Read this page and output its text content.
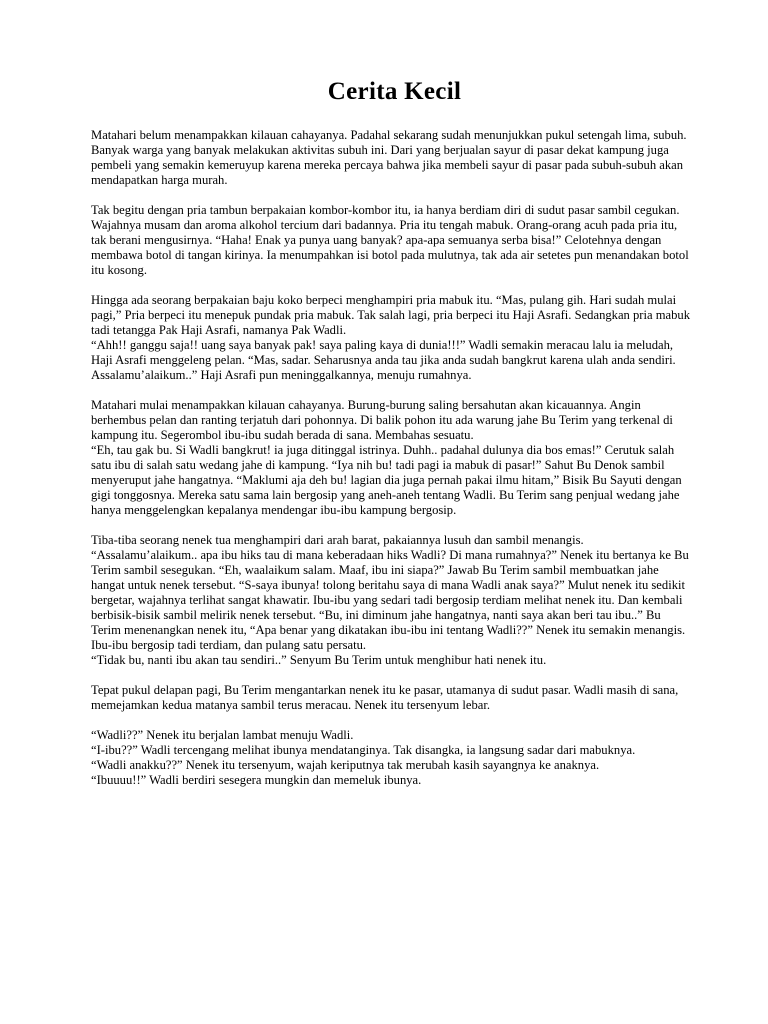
Cerita Kecil
Matahari belum menampakkan kilauan cahayanya. Padahal sekarang sudah menunjukkan pukul setengah lima, subuh. Banyak warga yang banyak melakukan aktivitas subuh ini. Dari yang berjualan sayur di pasar dekat kampung juga pembeli yang semakin kemeruyup karena mereka percaya bahwa jika membeli sayur di pasar pada subuh-subuh akan mendapatkan harga murah.
Tak begitu dengan pria tambun berpakaian kombor-kombor itu, ia hanya berdiam diri di sudut pasar sambil cegukan. Wajahnya musam dan aroma alkohol tercium dari badannya. Pria itu tengah mabuk. Orang-orang acuh pada pria itu, tak berani mengusirnya. “Haha! Enak ya punya uang banyak? apa-apa semuanya serba bisa!” Celotehnya dengan membawa botol di tangan kirinya. Ia menumpahkan isi botol pada mulutnya, tak ada air setetes pun menandakan botol itu kosong.
Hingga ada seorang berpakaian baju koko berpeci menghampiri pria mabuk itu. “Mas, pulang gih. Hari sudah mulai pagi,” Pria berpeci itu menepuk pundak pria mabuk. Tak salah lagi, pria berpeci itu Haji Asrafi. Sedangkan pria mabuk tadi tetangga Pak Haji Asrafi, namanya Pak Wadli.
“Ahh!! ganggu saja!! uang saya banyak pak! saya paling kaya di dunia!!!” Wadli semakin meracau lalu ia meludah, Haji Asrafi menggeleng pelan. “Mas, sadar. Seharusnya anda tau jika anda sudah bangkrut karena ulah anda sendiri. Assalamu’alaikum..” Haji Asrafi pun meninggalkannya, menuju rumahnya.
Matahari mulai menampakkan kilauan cahayanya. Burung-burung saling bersahutan akan kicauannya. Angin berhembus pelan dan ranting terjatuh dari pohonnya. Di balik pohon itu ada warung jahe Bu Terim yang terkenal di kampung itu. Segerombol ibu-ibu sudah berada di sana. Membahas sesuatu.
“Eh, tau gak bu. Si Wadli bangkrut! ia juga ditinggal istrinya. Duhh.. padahal dulunya dia bos emas!” Cerutuk salah satu ibu di salah satu wedang jahe di kampung. “Iya nih bu! tadi pagi ia mabuk di pasar!” Sahut Bu Denok sambil menyeruput jahe hangatnya. “Maklumi aja deh bu! lagian dia juga pernah pakai ilmu hitam,” Bisik Bu Sayuti dengan gigi tonggosnya. Mereka satu sama lain bergosip yang aneh-aneh tentang Wadli. Bu Terim sang penjual wedang jahe hanya menggelengkan kepalanya mendengar ibu-ibu kampung bergosip.
Tiba-tiba seorang nenek tua menghampiri dari arah barat, pakaiannya lusuh dan sambil menangis.
“Assalamu’alaikum.. apa ibu hiks tau di mana keberadaan hiks Wadli? Di mana rumahnya?” Nenek itu bertanya ke Bu Terim sambil sesegukan. “Eh, waalaikum salam. Maaf, ibu ini siapa?” Jawab Bu Terim sambil membuatkan jahe hangat untuk nenek tersebut. “S-saya ibunya! tolong beritahu saya di mana Wadli anak saya?” Mulut nenek itu sedikit bergetar, wajahnya terlihat sangat khawatir. Ibu-ibu yang sedari tadi bergosip terdiam melihat nenek itu. Dan kembali berbisik-bisik sambil melirik nenek tersebut. “Bu, ini diminum jahe hangatnya, nanti saya akan beri tau ibu..” Bu Terim menenangkan nenek itu, “Apa benar yang dikatakan ibu-ibu ini tentang Wadli??” Nenek itu semakin menangis. Ibu-ibu bergosip tadi terdiam, dan pulang satu persatu.
“Tidak bu, nanti ibu akan tau sendiri..” Senyum Bu Terim untuk menghibur hati nenek itu.
Tepat pukul delapan pagi, Bu Terim mengantarkan nenek itu ke pasar, utamanya di sudut pasar. Wadli masih di sana, memejamkan kedua matanya sambil terus meracau. Nenek itu tersenyum lebar.
“Wadli??” Nenek itu berjalan lambat menuju Wadli.
“I-ibu??” Wadli tercengang melihat ibunya mendatanginya. Tak disangka, ia langsung sadar dari mabuknya.
“Wadli anakku??” Nenek itu tersenyum, wajah keriputnya tak merubah kasih sayangnya ke anaknya.
“Ibuuuu!!” Wadli berdiri sesegera mungkin dan memeluk ibunya.
